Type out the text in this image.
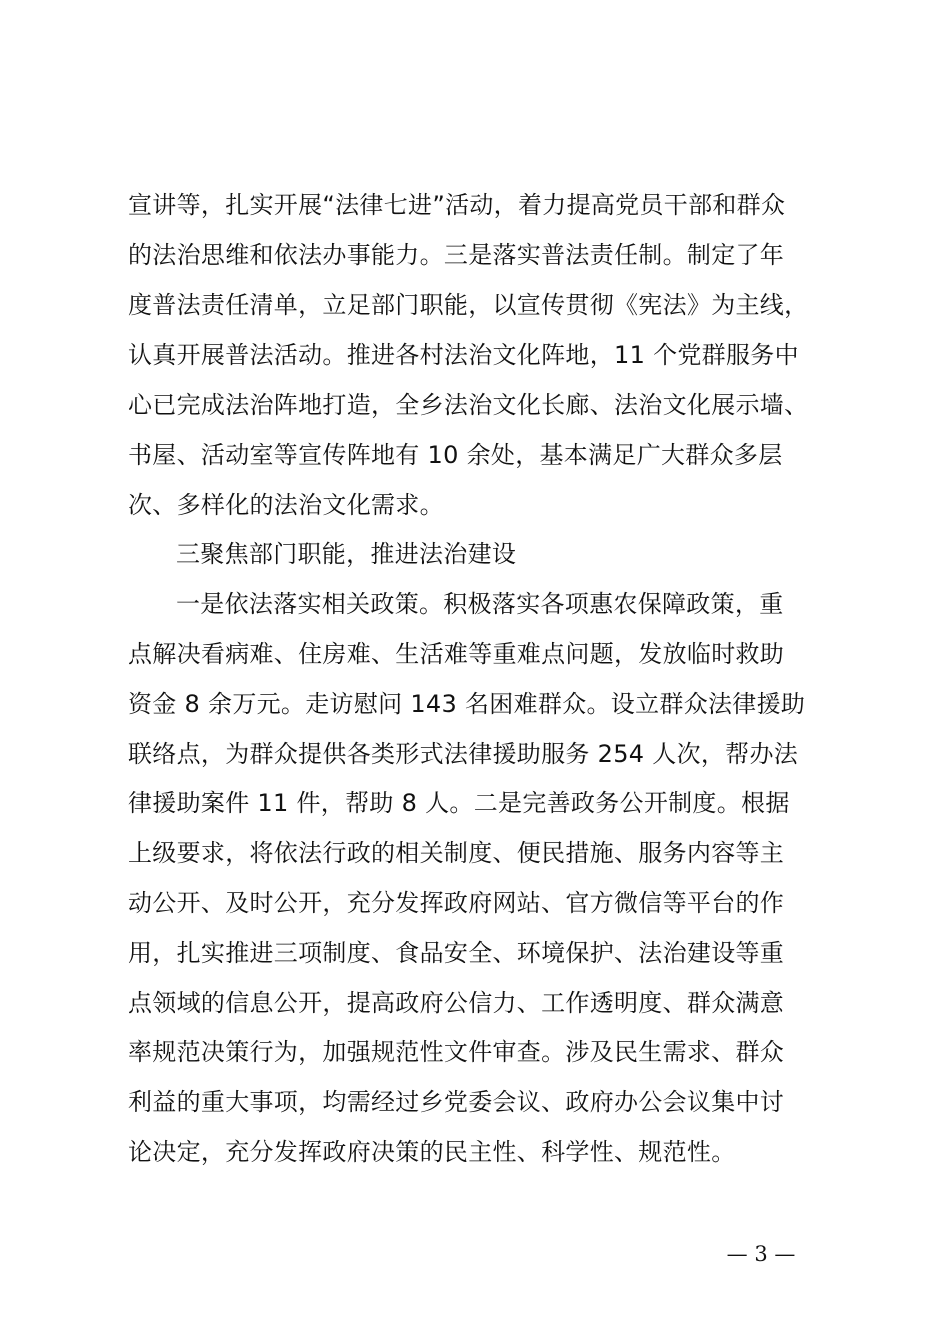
宣讲等，扎实开展“法律七进”活动，着力提高党员干部和群众
的法治思维和依法办事能力。三是落实普法责任制。制定了年
度普法责任清单，立足部门职能，以宣传贯彻《宪法》为主线，
认真开展普法活动。推进各村法治文化阵地，11 个党群服务中
心已完成法治阵地打造，全乡法治文化长廊、法治文化展示墙、
书屋、活动室等宣传阵地有 10 余处，基本满足广大群众多层
次、多样化的法治文化需求。
三聚焦部门职能，推进法治建设
一是依法落实相关政策。积极落实各项惠农保障政策，重
点解决看病难、住房难、生活难等重难点问题，发放临时救助
资金 8 余万元。走访慰问 143 名困难群众。设立群众法律援助
联络点，为群众提供各类形式法律援助服务 254 人次，帮办法
律援助案件 11 件，帮助 8 人。二是完善政务公开制度。根据
上级要求，将依法行政的相关制度、便民措施、服务内容等主
动公开、及时公开，充分发挥政府网站、官方微信等平台的作
用，扎实推进三项制度、食品安全、环境保护、法治建设等重
点领域的信息公开，提高政府公信力、工作透明度、群众满意
率规范决策行为，加强规范性文件审查。涉及民生需求、群众
利益的重大事项，均需经过乡党委会议、政府办公会议集中讨
论决定，充分发挥政府决策的民主性、科学性、规范性。
— 3 —
